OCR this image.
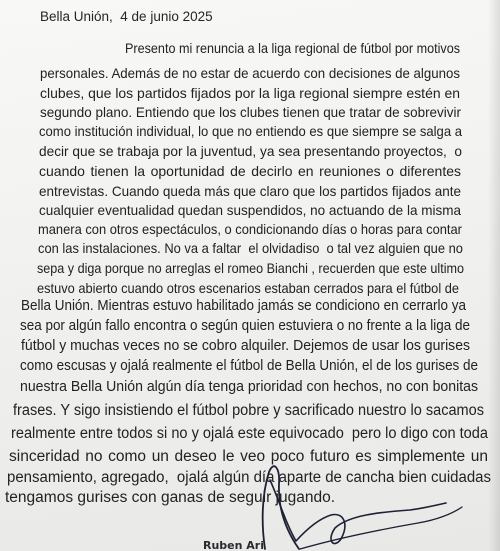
Bella Unión,  4 de junio 2025
Presento mi renuncia a la liga regional de fútbol por motivos
personales. Además de no estar de acuerdo con decisiones de algunos
clubes, que los partidos fijados por la liga regional siempre estén en
segundo plano. Entiendo que los clubes tienen que tratar de sobrevivir
como institución individual, lo que no entiendo es que siempre se salga a
decir que se trabaja por la juventud, ya sea presentando proyectos,  o
cuando tienen la oportunidad de decirlo en reuniones o diferentes
entrevistas. Cuando queda más que claro que los partidos fijados ante
cualquier eventualidad quedan suspendidos, no actuando de la misma
manera con otros espectáculos, o condicionando días o horas para contar
con las instalaciones. No va a faltar  el olvidadiso  o tal vez alguien que no
sepa y diga porque no arreglas el romeo Bianchi , recuerden que este ultimo
estuvo abierto cuando otros escenarios estaban cerrados para el fútbol de
Bella Unión. Mientras estuvo habilitado jamás se condiciono en cerrarlo ya
sea por algún fallo encontra o según quien estuviera o no frente a la liga de
fútbol y muchas veces no se cobro alquiler. Dejemos de usar los gurises
como escusas y ojalá realmente el fútbol de Bella Unión, el de los gurises de
nuestra Bella Unión algún día tenga prioridad con hechos, no con bonitas
frases. Y sigo insistiendo el fútbol pobre y sacrificado nuestro lo sacamos
realmente entre todos si no y ojalá este equivocado  pero lo digo con toda
sinceridad no como un deseo le veo poco futuro es simplemente un
pensamiento, agregado,  ojalá algún día aparte de cancha bien cuidadas
tengamos gurises con ganas de seguir jugando.
Ruben Ari
